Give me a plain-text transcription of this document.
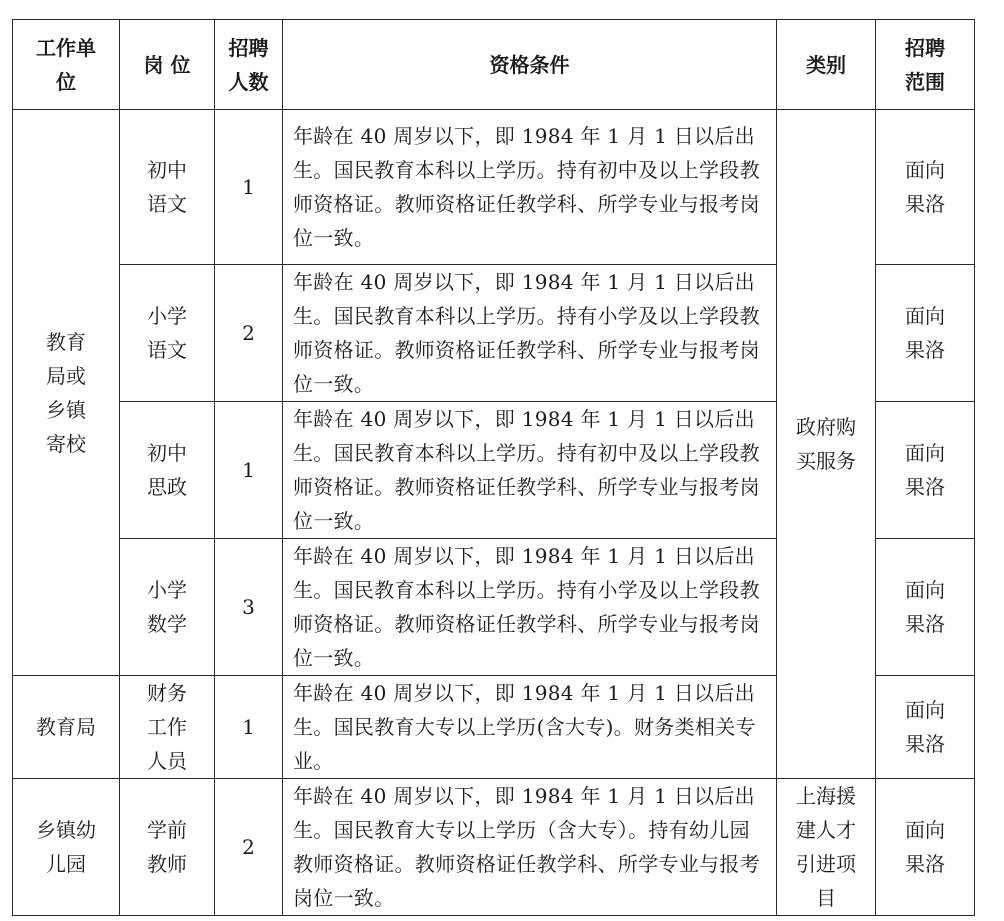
工作单位	岗 位	招聘人数	资格条件	类别	招聘范围
教育局或乡镇寄校	初中语文	1	年龄在 40 周岁以下，即 1984 年 1 月 1 日以后出生。国民教育本科以上学历。持有初中及以上学段教师资格证。教师资格证任教学科、所学专业与报考岗位一致。	政府购买服务	面向果洛
	小学语文	2	年龄在 40 周岁以下，即 1984 年 1 月 1 日以后出生。国民教育本科以上学历。持有小学及以上学段教师资格证。教师资格证任教学科、所学专业与报考岗位一致。		面向果洛
	初中思政	1	年龄在 40 周岁以下，即 1984 年 1 月 1 日以后出生。国民教育本科以上学历。持有初中及以上学段教师资格证。教师资格证任教学科、所学专业与报考岗位一致。		面向果洛
	小学数学	3	年龄在 40 周岁以下，即 1984 年 1 月 1 日以后出生。国民教育本科以上学历。持有小学及以上学段教师资格证。教师资格证任教学科、所学专业与报考岗位一致。		面向果洛
教育局	财务工作人员	1	年龄在 40 周岁以下，即 1984 年 1 月 1 日以后出生。国民教育大专以上学历(含大专)。财务类相关专业。		面向果洛
乡镇幼儿园	学前教师	2	年龄在 40 周岁以下，即 1984 年 1 月 1 日以后出生。国民教育大专以上学历（含大专）。持有幼儿园教师资格证。教师资格证任教学科、所学专业与报考岗位一致。	上海援建人才引进项目	面向果洛
